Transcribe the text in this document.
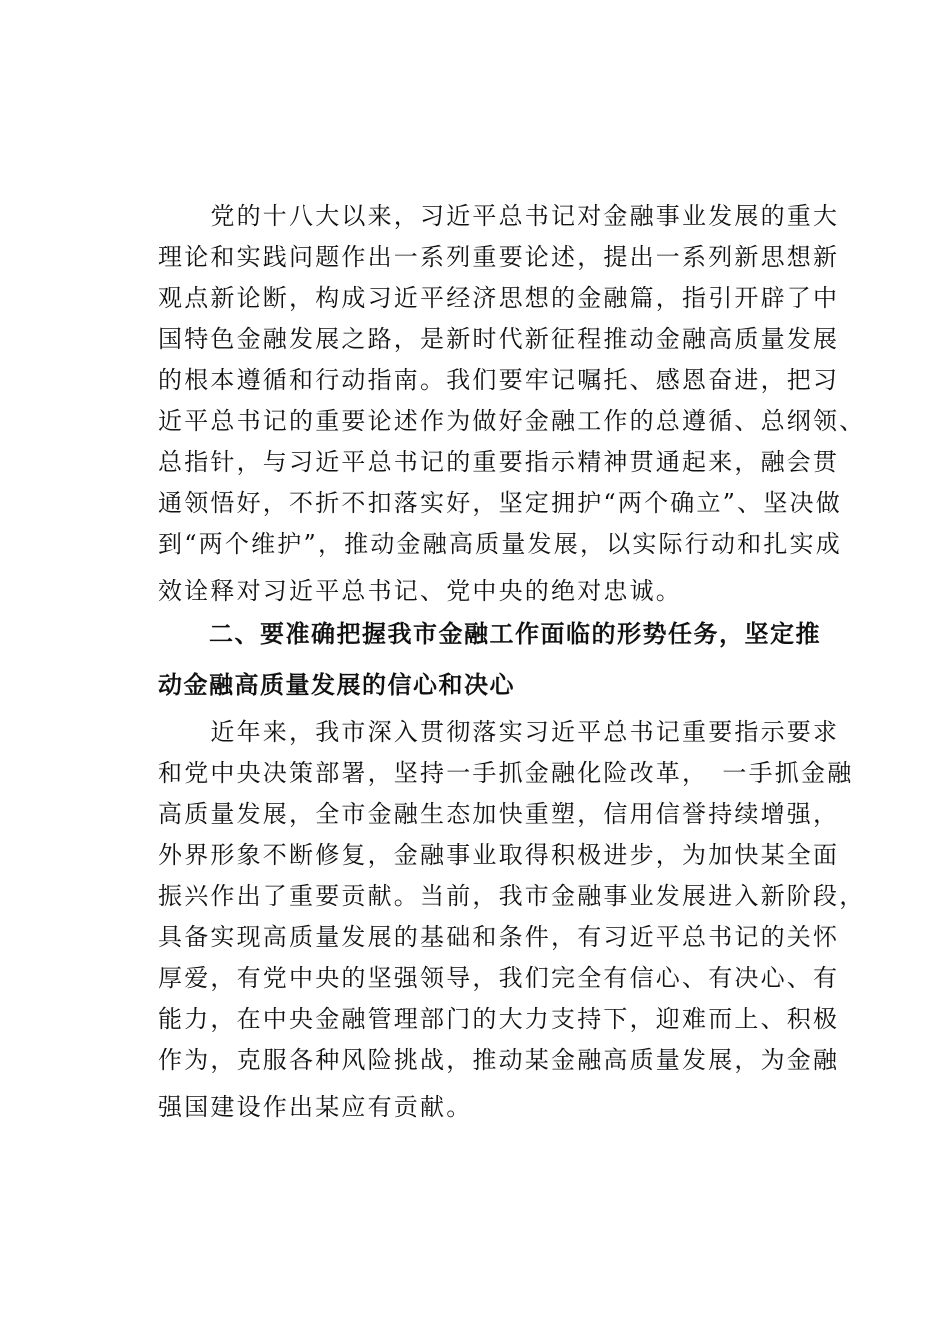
　　党的十八大以来，习近平总书记对金融事业发展的重大

理论和实践问题作出一系列重要论述，提出一系列新思想新

观点新论断，构成习近平经济思想的金融篇，指引开辟了中

国特色金融发展之路，是新时代新征程推动金融高质量发展

的根本遵循和行动指南。我们要牢记嘱托、感恩奋进，把习

近平总书记的重要论述作为做好金融工作的总遵循、总纲领、

总指针，与习近平总书记的重要指示精神贯通起来，融会贯

通领悟好，不折不扣落实好，坚定拥护“两个确立”、坚决做

到“两个维护”，推动金融高质量发展，以实际行动和扎实成

效诠释对习近平总书记、党中央的绝对忠诚。

　　二、要准确把握我市金融工作面临的形势任务，坚定推

动金融高质量发展的信心和决心

　　近年来，我市深入贯彻落实习近平总书记重要指示要求

和党中央决策部署，坚持一手抓金融化险改革，　一手抓金融

高质量发展，全市金融生态加快重塑，信用信誉持续增强，

外界形象不断修复，金融事业取得积极进步，为加快某全面

振兴作出了重要贡献。当前，我市金融事业发展进入新阶段，

具备实现高质量发展的基础和条件，有习近平总书记的关怀

厚爱，有党中央的坚强领导，我们完全有信心、有决心、有

能力，在中央金融管理部门的大力支持下，迎难而上、积极

作为，克服各种风险挑战，推动某金融高质量发展，为金融

强国建设作出某应有贡献。
